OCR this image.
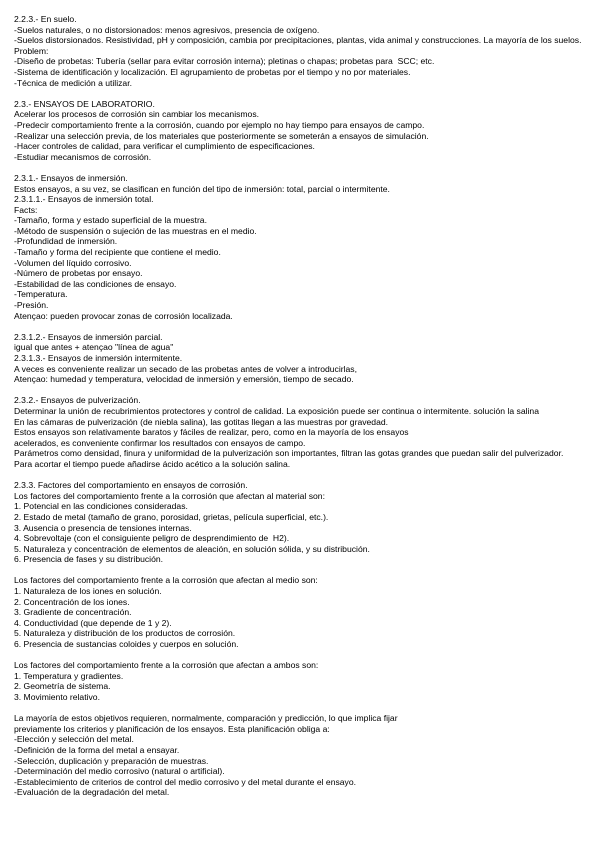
2.2.3.- En suelo.
-Suelos naturales, o no distorsionados: menos agresivos, presencia de oxígeno.
-Suelos distorsionados. Resistividad, pH y composición, cambia por precipitaciones, plantas, vida animal y construcciones. La mayoría de los suelos.
Problem:
-Diseño de probetas: Tubería (sellar para evitar corrosión interna); pletinas o chapas; probetas para  SCC; etc.
-Sistema de identificación y localización. El agrupamiento de probetas por el tiempo y no por materiales.
-Técnica de medición a utilizar.
2.3.- ENSAYOS DE LABORATORIO.
Acelerar los procesos de corrosión sin cambiar los mecanismos.
-Predecir comportamiento frente a la corrosión, cuando por ejemplo no hay tiempo para ensayos de campo.
-Realizar una selección previa, de los materiales que posteriormente se someterán a ensayos de simulación.
-Hacer controles de calidad, para verificar el cumplimiento de especificaciones.
-Estudiar mecanismos de corrosión.
2.3.1.- Ensayos de inmersión.
Estos ensayos, a su vez, se clasifican en función del tipo de inmersión: total, parcial o intermitente.
2.3.1.1.- Ensayos de inmersión total.
Facts:
-Tamaño, forma y estado superficial de la muestra.
-Método de suspensión o sujeción de las muestras en el medio.
-Profundidad de inmersión.
-Tamaño y forma del recipiente que contiene el medio.
-Volumen del líquido corrosivo.
-Número de probetas por ensayo.
-Estabilidad de las condiciones de ensayo.
-Temperatura.
-Presión.
Atençao: pueden provocar zonas de corrosión localizada.
2.3.1.2.- Ensayos de inmersión parcial.
igual que antes + atençao "línea de agua"
2.3.1.3.- Ensayos de inmersión intermitente.
A veces es conveniente realizar un secado de las probetas antes de volver a introducirlas,
Atençao: humedad y temperatura, velocidad de inmersión y emersión, tiempo de secado.
2.3.2.- Ensayos de pulverización.
Determinar la unión de recubrimientos protectores y control de calidad. La exposición puede ser continua o intermitente. solución la salina
En las cámaras de pulverización (de niebla salina), las gotitas llegan a las muestras por gravedad.
Estos ensayos son relativamente baratos y fáciles de realizar, pero, como en la mayoría de los ensayos
acelerados, es conveniente confirmar los resultados con ensayos de campo.
Parámetros como densidad, finura y uniformidad de la pulverización son importantes, filtran las gotas grandes que puedan salir del pulverizador.
Para acortar el tiempo puede añadirse ácido acético a la solución salina.
2.3.3. Factores del comportamiento en ensayos de corrosión.
Los factores del comportamiento frente a la corrosión que afectan al material son:
1. Potencial en las condiciones consideradas.
2. Estado de metal (tamaño de grano, porosidad, grietas, película superficial, etc.).
3. Ausencia o presencia de tensiones internas.
4. Sobrevoltaje (con el consiguiente peligro de desprendimiento de  H2).
5. Naturaleza y concentración de elementos de aleación, en solución sólida, y su distribución.
6. Presencia de fases y su distribución.
Los factores del comportamiento frente a la corrosión que afectan al medio son:
1. Naturaleza de los iones en solución.
2. Concentración de los iones.
3. Gradiente de concentración.
4. Conductividad (que depende de 1 y 2).
5. Naturaleza y distribución de los productos de corrosión.
6. Presencia de sustancias coloides y cuerpos en solución.
Los factores del comportamiento frente a la corrosión que afectan a ambos son:
1. Temperatura y gradientes.
2. Geometría de sistema.
3. Movimiento relativo.
La mayoría de estos objetivos requieren, normalmente, comparación y predicción, lo que implica fijar
previamente los criterios y planificación de los ensayos. Esta planificación obliga a:
-Elección y selección del metal.
-Definición de la forma del metal a ensayar.
-Selección, duplicación y preparación de muestras.
-Determinación del medio corrosivo (natural o artificial).
-Establecimiento de criterios de control del medio corrosivo y del metal durante el ensayo.
-Evaluación de la degradación del metal.
